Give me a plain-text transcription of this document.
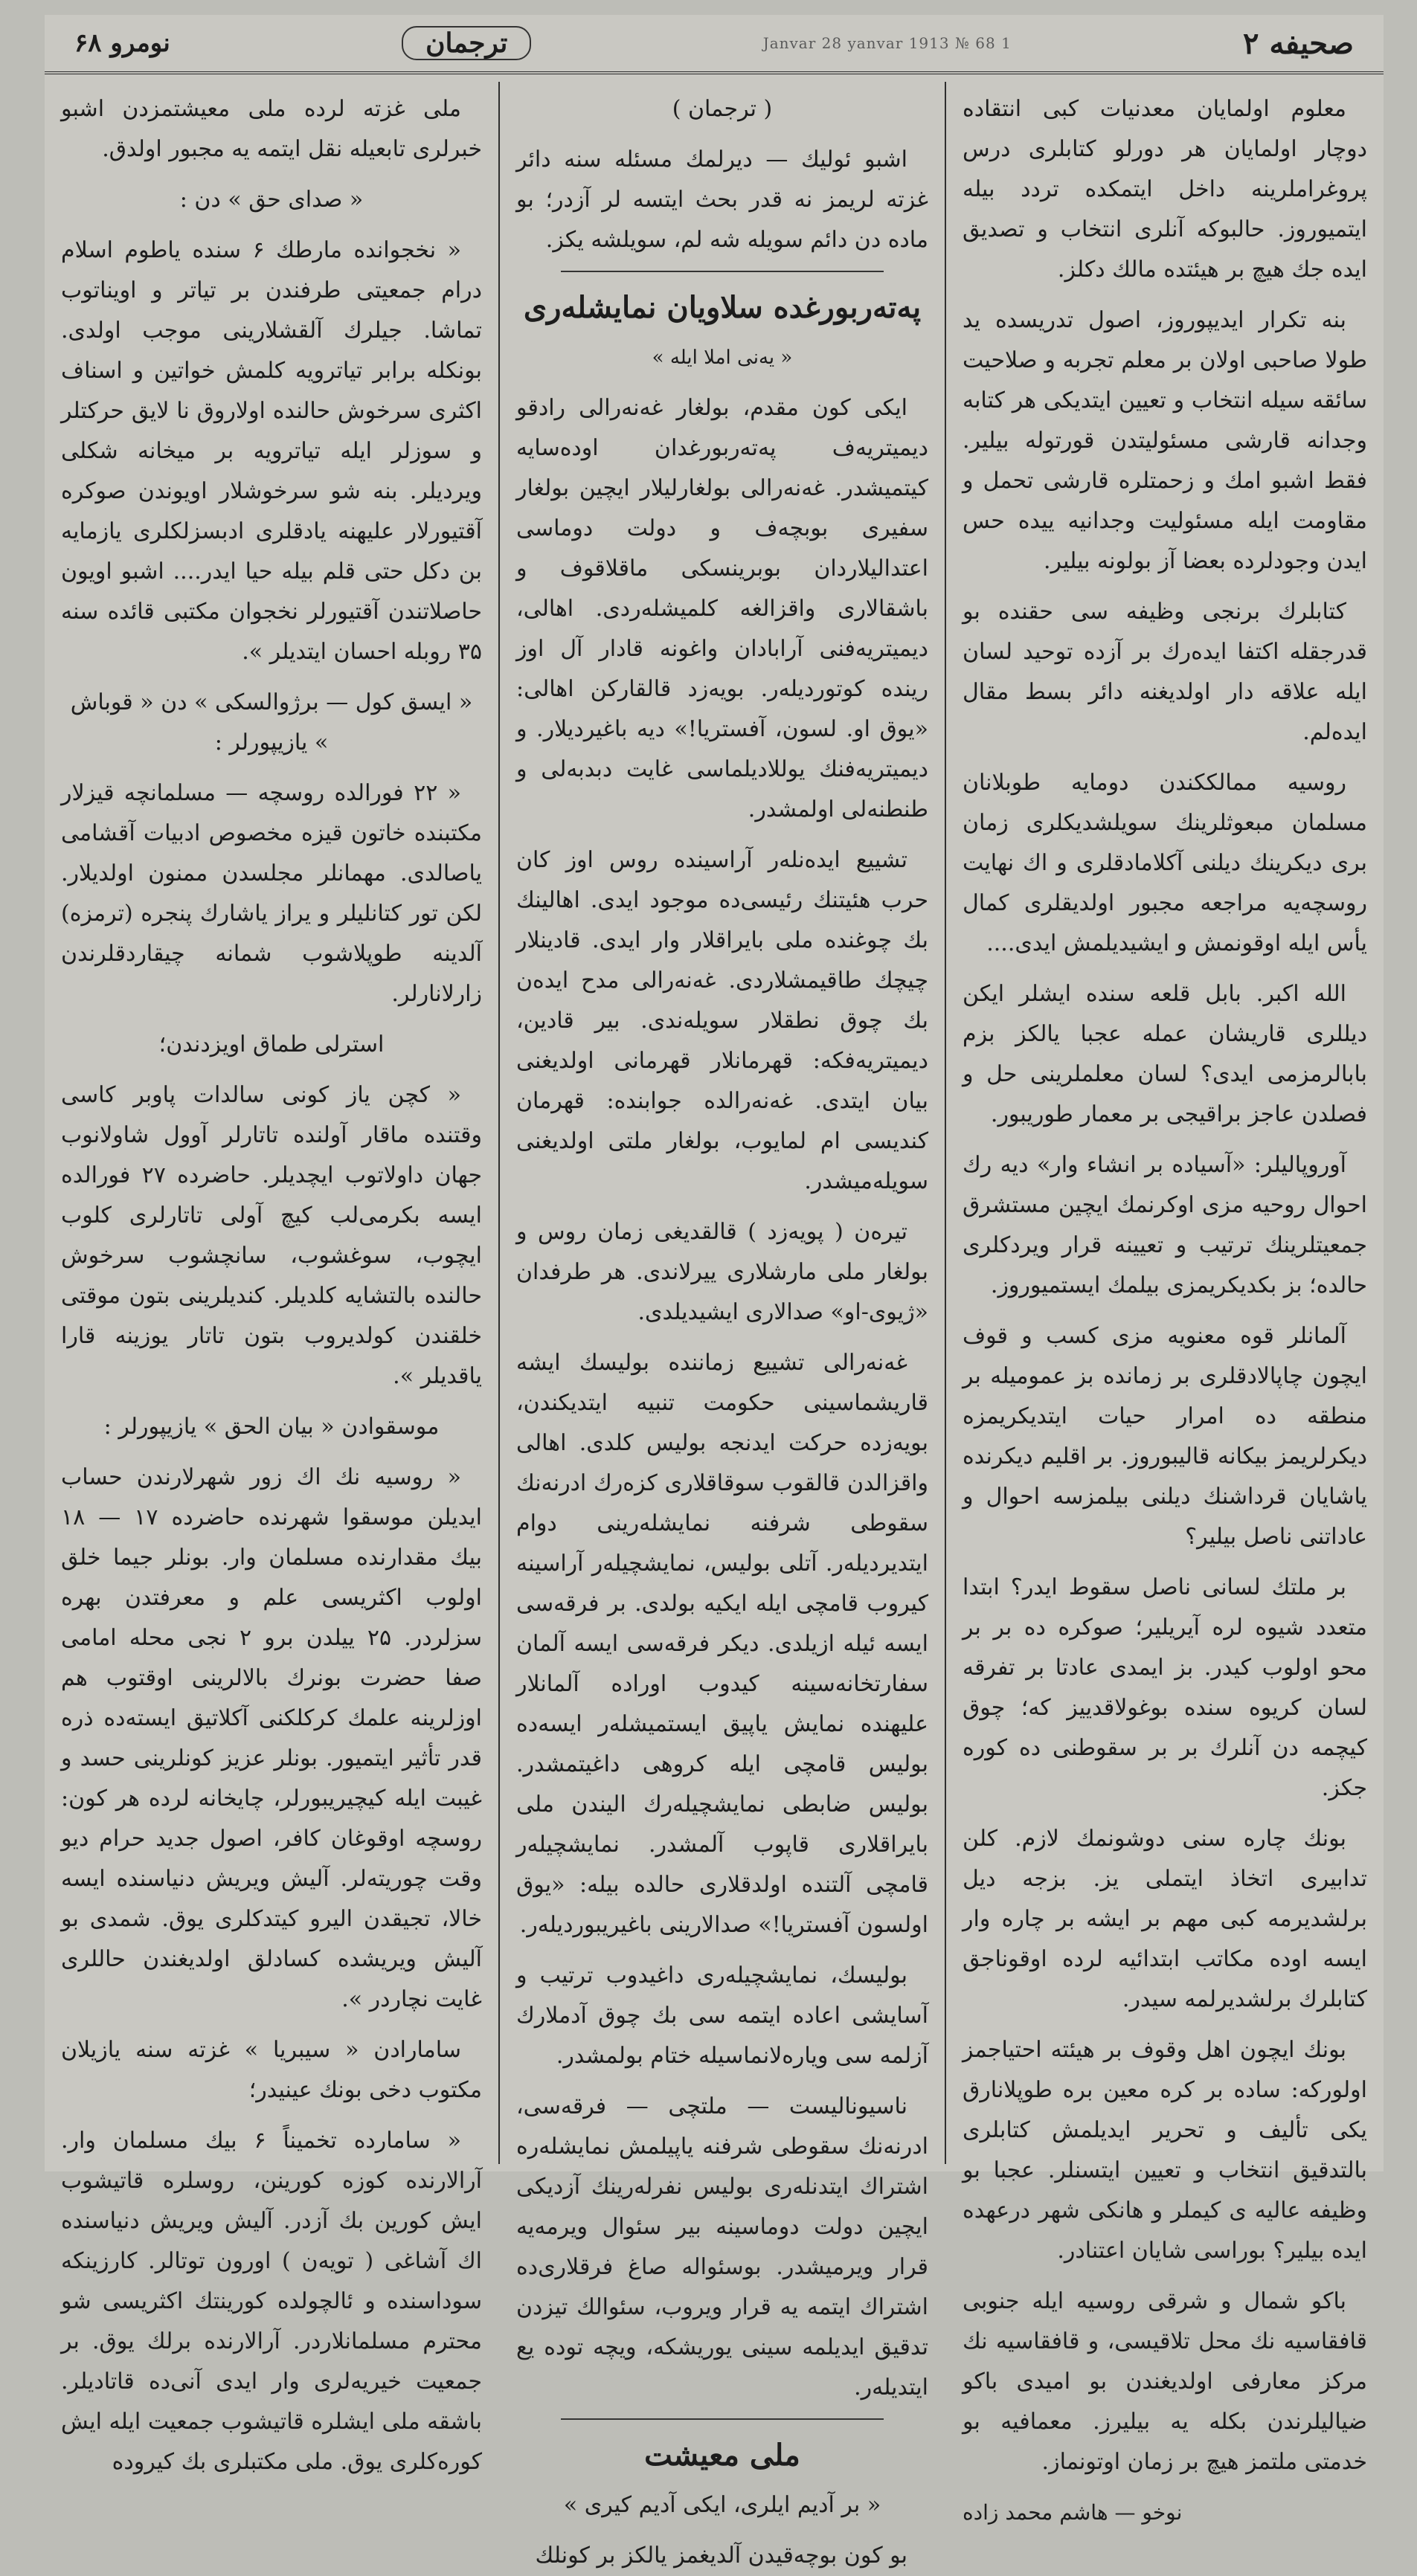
صحیفه ۲
1 Janvar 28 yanvar 1913 № 68
ترجمان
نومرو ۶۸

معلوم اولمایان معدنیات کبی انتقاده دوچار اولمایان هر دورلو کتابلری درس پروغراملرینه داخل ایتمکده تردد بیله ایتمیوروز. حالبوکه آنلری انتخاب و تصدیق ایده جك هیچ بر هیئتده مالك دکلز.

بنه تکرار ایدیپوروز، اصول تدریسده ید طولا صاحبی اولان بر معلم تجربه و صلاحیت سائقه سیله انتخاب و تعیین ایتدیکی هر کتابه وجدانه قارشی مسئولیتدن قورتوله بیلیر. فقط اشبو امك و زحمتلره قارشی تحمل و مقاومت ایله مسئولیت وجدانیه ییده حس ایدن وجودلرده بعضا آز بولونه بیلیر.

کتابلرك برنجی وظیفه سی حقنده بو قدرجقله اکتفا ایدەرك بر آزده توحید لسان ایله علاقه دار اولدیغنه دائر بسط مقال ایدەلم.

روسیه ممالککندن دومایه طوبلانان مسلمان مبعوثلرینك سویلشدیکلری زمان بری دیکرینك دیلنی آکلامادقلری و اك نهایت روسچەیه مراجعه مجبور اولدیقلری کمال یأس ایله اوقونمش و ایشیدیلمش ایدی....

الله اکبر. بابل قلعه سنده ایشلر ایکن دیللری قاریشان عمله عجبا یالکز بزم بابالرمزمی ایدی؟ لسان معلملرینی حل و فصلدن عاجز براقیجی بر معمار طوریبور.

آوروپالیلر: «آسیاده بر انشاء وار» دیه رك احوال روحیه مزی اوکرنمك ایچین مستشرق جمعیتلرینك ترتیب و تعیینه قرار ویردکلری حالده؛ بز بکدیکریمزی بیلمك ایستمیوروز.

آلمانلر قوه معنویه مزی کسب و قوف ایچون چاپالادقلری بر زمانده بز عمومیله بر منطقه ده امرار حیات ایتدیکریمزه دیکرلریمز بیکانه قالیبوروز. بر اقلیم دیکرنده یاشایان قرداشنك دیلنی بیلمزسه احوال و عاداتنی ناصل بیلیر؟

بر ملتك لسانی ناصل سقوط ایدر؟ ابتدا متعدد شیوه لره آیریلیر؛ صوکره ده بر بر محو اولوب کیدر. بز ایمدی عادتا بر تفرقه لسان کریوه سنده بوغولاقدییز که؛ چوق کیچمه دن آنلرك بر بر سقوطنی ده کوره جکز.

بونك چاره سنی دوشونمك لازم. کلن تدابیری اتخاذ ایتملی یز. بزجه دیل برلشدیرمه کبی مهم بر ایشه بر چاره وار ایسه اوده مکاتب ابتدائیه لرده اوقوناجق کتابلرك برلشدیرلمه سیدر.

بونك ایچون اهل وقوف بر هیئته احتیاجمز اولورکه: ساده بر کره معین بره طوپلانارق یکی تألیف و تحریر ایدیلمش کتابلری بالتدقیق انتخاب و تعیین ایتسنلر. عجبا بو وظیفه عالیه ی کیملر و هانکی شهر درعهده ایده بیلیر؟ بوراسی شایان اعتنادر.

باکو شمال و شرقی روسیه ایله جنوبی قافقاسیه نك محل تلاقیسی، و قافقاسیه نك مرکز معارفی اولدیغندن بو امیدی باکو ضیالیلرندن بکله یه بیلیرز. معمافیه بو خدمتی ملتمز هیچ بر زمان اوتونماز.

نوخو — هاشم محمد زاده

( ترجمان )

اشبو ئولیك — دیرلمك مسئله سنه دائر غزته لریمز نه قدر بحث ایتسه لر آزدر؛ بو ماده دن دائم سویله شه لم، سویلشه یکز.

پەتەربورغده سلاویان نمایشلەری

« یەنی املا ایله »

ایکی کون مقدم، بولغار غەنەرالی رادقو دیمیتریەف پەتەربورغدان اودەسایه کیتمیشدر. غەنەرالی بولغارلیلار ایچین بولغار سفیری بوبچەف و دولت دوماسی اعتدالیلاردان بوبرینسکی ماقلاقوف و باشقالاری واقزالغه کلمیشلەردی. اهالی، دیمیتریەفنی آرابادان واغونه قادار آل اوز ریندە کوتوردیلەر. بویەزد قالقارکن اهالی: «یوق او. لسون، آفستریا!» دیه باغیردیلار. و دیمیتریەفنك یوللادیلماسی غایت دبدبەلی و طنطنەلی اولمشدر.

تشییع ایدەنلەر آراسینده روس اوز کان حرب هئیتنك رئیسی‌ده موجود ایدی. اهالینك بك چوغنده ملی بایراقلار وار ایدی. قادینلار چیچك طاقیمشلاردی. غەنەرالی مدح ایدەن بك چوق نطقلار سویلەندی. بیر قادین، دیمیتریەفكه: قهرمانلار قهرمانی اولدیغنی بیان ایتدی. غەنەرالده جوابنده: قهرمان کندیسی ام لمایوب، بولغار ملتی اولدیغنی سویلەمیشدر.

تیرەن ( پویەزد ) قالقدیغی زمان روس و بولغار ملی مارشلاری ییرلاندی. هر طرفدان «ژیوی-او» صدالاری ایشیدیلدی.

غەنەرالی تشییع زماننده بولیسك ایشه قاریشماسینی حکومت تنبیه ایتدیکندن، بویەزده حرکت ایدنجه بولیس کلدی. اهالی واقزالدن قالقوب سوقاقلاری کزەرك ادرنەنك سقوطی شرفنه نمایشلەرینی دوام ایتدیردیلەر. آتلی بولیس، نمایشچیلەر آراسینه کیروب قامچی ایله ایکیه بولدی. بر فرقەسی ایسه ئیله ازیلدی. دیکر فرقەسی ایسه آلمان سفارتخانەسینه کیدوب اوراده آلمانلار علیهنده نمایش یاپیق ایستمیشلەر ایسەده بولیس قامچی ایله کروهی داغیتمشدر. بولیس ضابطی نمایشچیلەرك الیندن ملی بایراقلاری قاپوب آلمشدر. نمایشچیلەر قامچی آلتنده اولدقلاری حالده بیله: «یوق اولسون آفستریا!» صدالارینی باغیریبوردیلەر.

بولیسك، نمایشچیلەری داغیدوب ترتیب و آسایشی اعاده ایتمه سی بك چوق آدملارك آزلمه سی ویارەلانماسیله ختام بولمشدر.

ناسیونالیست — ملتچی — فرقەسی، ادرنەنك سقوطی شرفنه یاپیلمش نمایشلەره اشتراك ایتدنلەری بولیس نفرلەرینك آزدیکی ایچین دولت دوماسینه بیر سئوال ویرمەیه قرار ویرمیشدر. بوسئواله صاغ فرقلاری‌ده اشتراك ایتمه یه قرار ویروب، سئوالك تیزدن تدقیق ایدیلمه سینی یوریشکه، ویچه توده یع ایتدیلەر.

ملی معیشت

« بر آدیم ایلری، ایکی آدیم کیری »

بو کون بوچەقیدن آلدیغمز یالکز بر کونلك

ملی غزته لرده ملی معیشتمزدن اشبو خبرلری تابعیله نقل ایتمه یه مجبور اولدق.

« صدای حق » دن :

« نخجوانده مارطك ۶ سنده یاطوم اسلام درام جمعیتی طرفندن بر تیاتر و اویناتوب تماشا. جیلرك آلقشلارینی موجب اولدی. بونکله برابر تیاترویه کلمش خواتین و اسناف اکثری سرخوش حالنده اولاروق نا لایق حرکتلر و سوزلر ایله تیاترویه بر میخانه شکلی ویردیلر. بنه شو سرخوشلار اویوندن صوکره آقتیورلار علیهنه یادقلری ادبسزلکلری یازمایه بن دکل حتی قلم بیله حیا ایدر.... اشبو اویون حاصلاتندن آقتیورلر نخجوان مکتبی قائده سنه ۳۵ روبله احسان ایتدیلر ».

« ایسق کول — برژوالسکی » دن « قوباش » یازیپورلر :

« ۲۲ فورالده روسچه — مسلمانچه قیزلار مکتبنده خاتون قیزه مخصوص ادبیات آقشامی یاصالدی. مهمانلر مجلسدن ممنون اولدیلار. لکن تور کتانلیلر و یراز یاشارك پنجره (ترمزه) آلدینه طوپلاشوب شمانه چیقاردقلرندن زارلانارلر.

استرلی طماق اویزدندن؛

« کچن یاز کونی سالدات پاوبر کاسی وقتنده ماقار آولنده تاتارلر آوول شاولانوب جهان داولاتوب ایچدیلر. حاضرده ۲۷ فورالده ایسه بکرمی‌لب کیچ آولی تاتارلری کلوب ایچوب، سوغشوب، سانچشوب سرخوش حالنده بالتشایه کلدیلر. کندیلرینی بتون موقتی خلقندن کولدیروب بتون تاتار یوزینه قارا یاقدیلر ».

موسقوادن « بیان الحق » یازیپورلر :

« روسیه نك اك زور شهرلارندن حساب ایدیلن موسقوا شهرنده حاضرده ۱۷ — ۱۸ بیك مقدارنده مسلمان وار. بونلر جیما خلق اولوب اکثریسی علم و معرفتدن بهره سزلردر. ۲۵ ییلدن برو ۲ نجی محله امامی صفا حضرت بونرك بالالرینی اوقتوب هم اوزلرینه علمك کرکلکنی آکلاتیق ایسته‌ده ذره قدر تأثیر ایتمیور. بونلر عزیز کونلرینی حسد و غیبت ایله کیچیریبورلر، چایخانه لرده هر کون: روسچه اوقوغان کافر، اصول جدید حرام دیو وقت چوریتەلر. آلیش ویریش دنیاسنده ایسه خالا، تجیقدن الیرو کیتدکلری یوق. شمدی بو آلیش ویریشده کسادلق اولدیغندن حاللری غایت نچاردر ».

سامارادن « سیبریا » غزته سنه یازیلان مکتوب دخی بونك عینیدر؛

« سامارده تخمیناً ۶ بیك مسلمان وار. آرالارنده کوزه کورینن، روسلره قاتیشوب ایش کورین بك آزدر. آلیش ویریش دنیاسنده اك آشاغی ( تویەن ) اورون توتالر. کارزینکه سوداسنده و ئالچولده کورینتك اکثریسی شو محترم مسلمانلاردر. آرالارنده برلك یوق. بر جمعیت خیریه‌لری وار ایدی آنی‌ده قاتادیلر. باشقه ملی ایشلره قاتیشوب جمعیت ایله ایش کورەکلری یوق. ملی مکتبلری بك کیروده
